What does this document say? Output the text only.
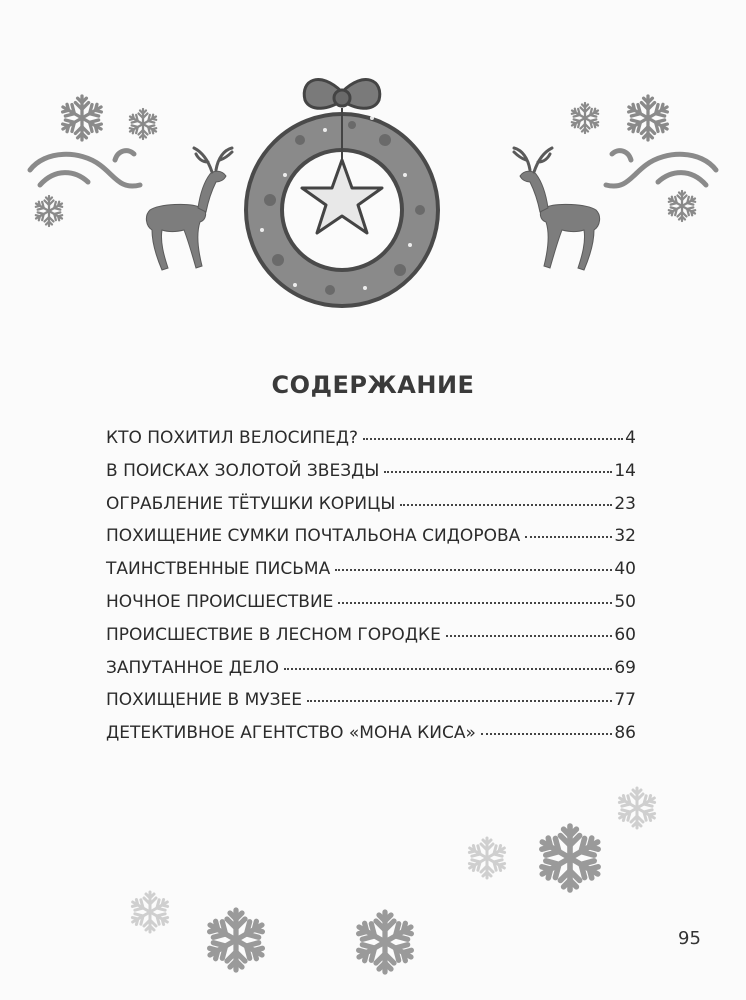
СОДЕРЖАНИЕ
КТО ПОХИТИЛ ВЕЛОСИПЕД?	4
В ПОИСКАХ ЗОЛОТОЙ ЗВЕЗДЫ	14
ОГРАБЛЕНИЕ ТЁТУШКИ КОРИЦЫ	23
ПОХИЩЕНИЕ СУМКИ ПОЧТАЛЬОНА СИДОРОВА	32
ТАИНСТВЕННЫЕ ПИСЬМА	40
НОЧНОЕ ПРОИСШЕСТВИЕ	50
ПРОИСШЕСТВИЕ В ЛЕСНОМ ГОРОДКЕ	60
ЗАПУТАННОЕ ДЕЛО	69
ПОХИЩЕНИЕ В МУЗЕЕ	77
ДЕТЕКТИВНОЕ АГЕНТСТВО «МОНА КИСА»	86
95
